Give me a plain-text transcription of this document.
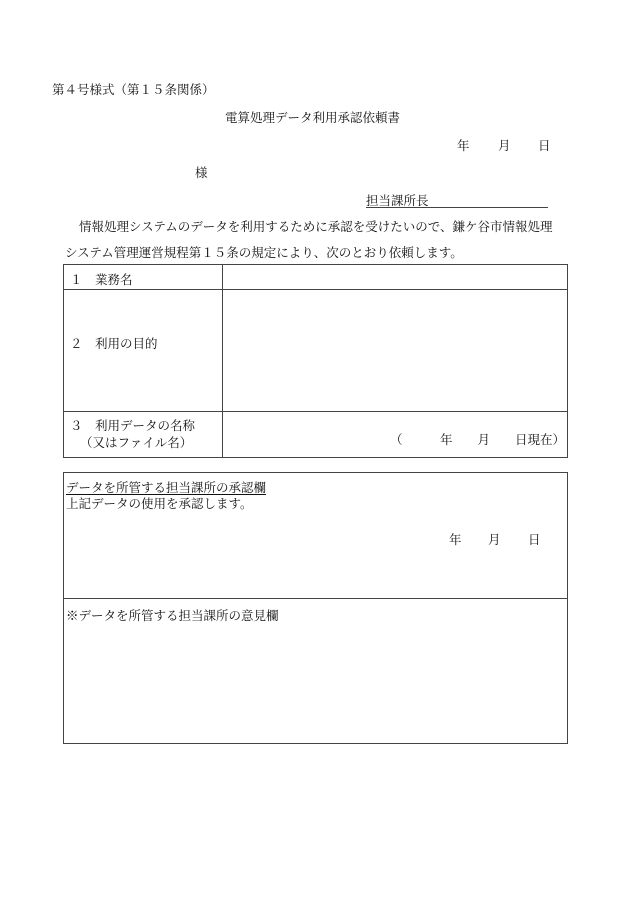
第４号様式（第１５条関係）
電算処理データ利用承認依頼書
年 月 日
様
担当課所長
情報処理システムのデータを利用するために承認を受けたいので、鎌ケ谷市情報処理
システム管理運営規程第１５条の規定により、次のとおり依頼します。
１　業務名
２　利用の目的
３　利用データの名称
（又はファイル名）	（　　　年　　月　　日現在）
データを所管する担当課所の承認欄
上記データの使用を承認します。
年 月 日
※データを所管する担当課所の意見欄
